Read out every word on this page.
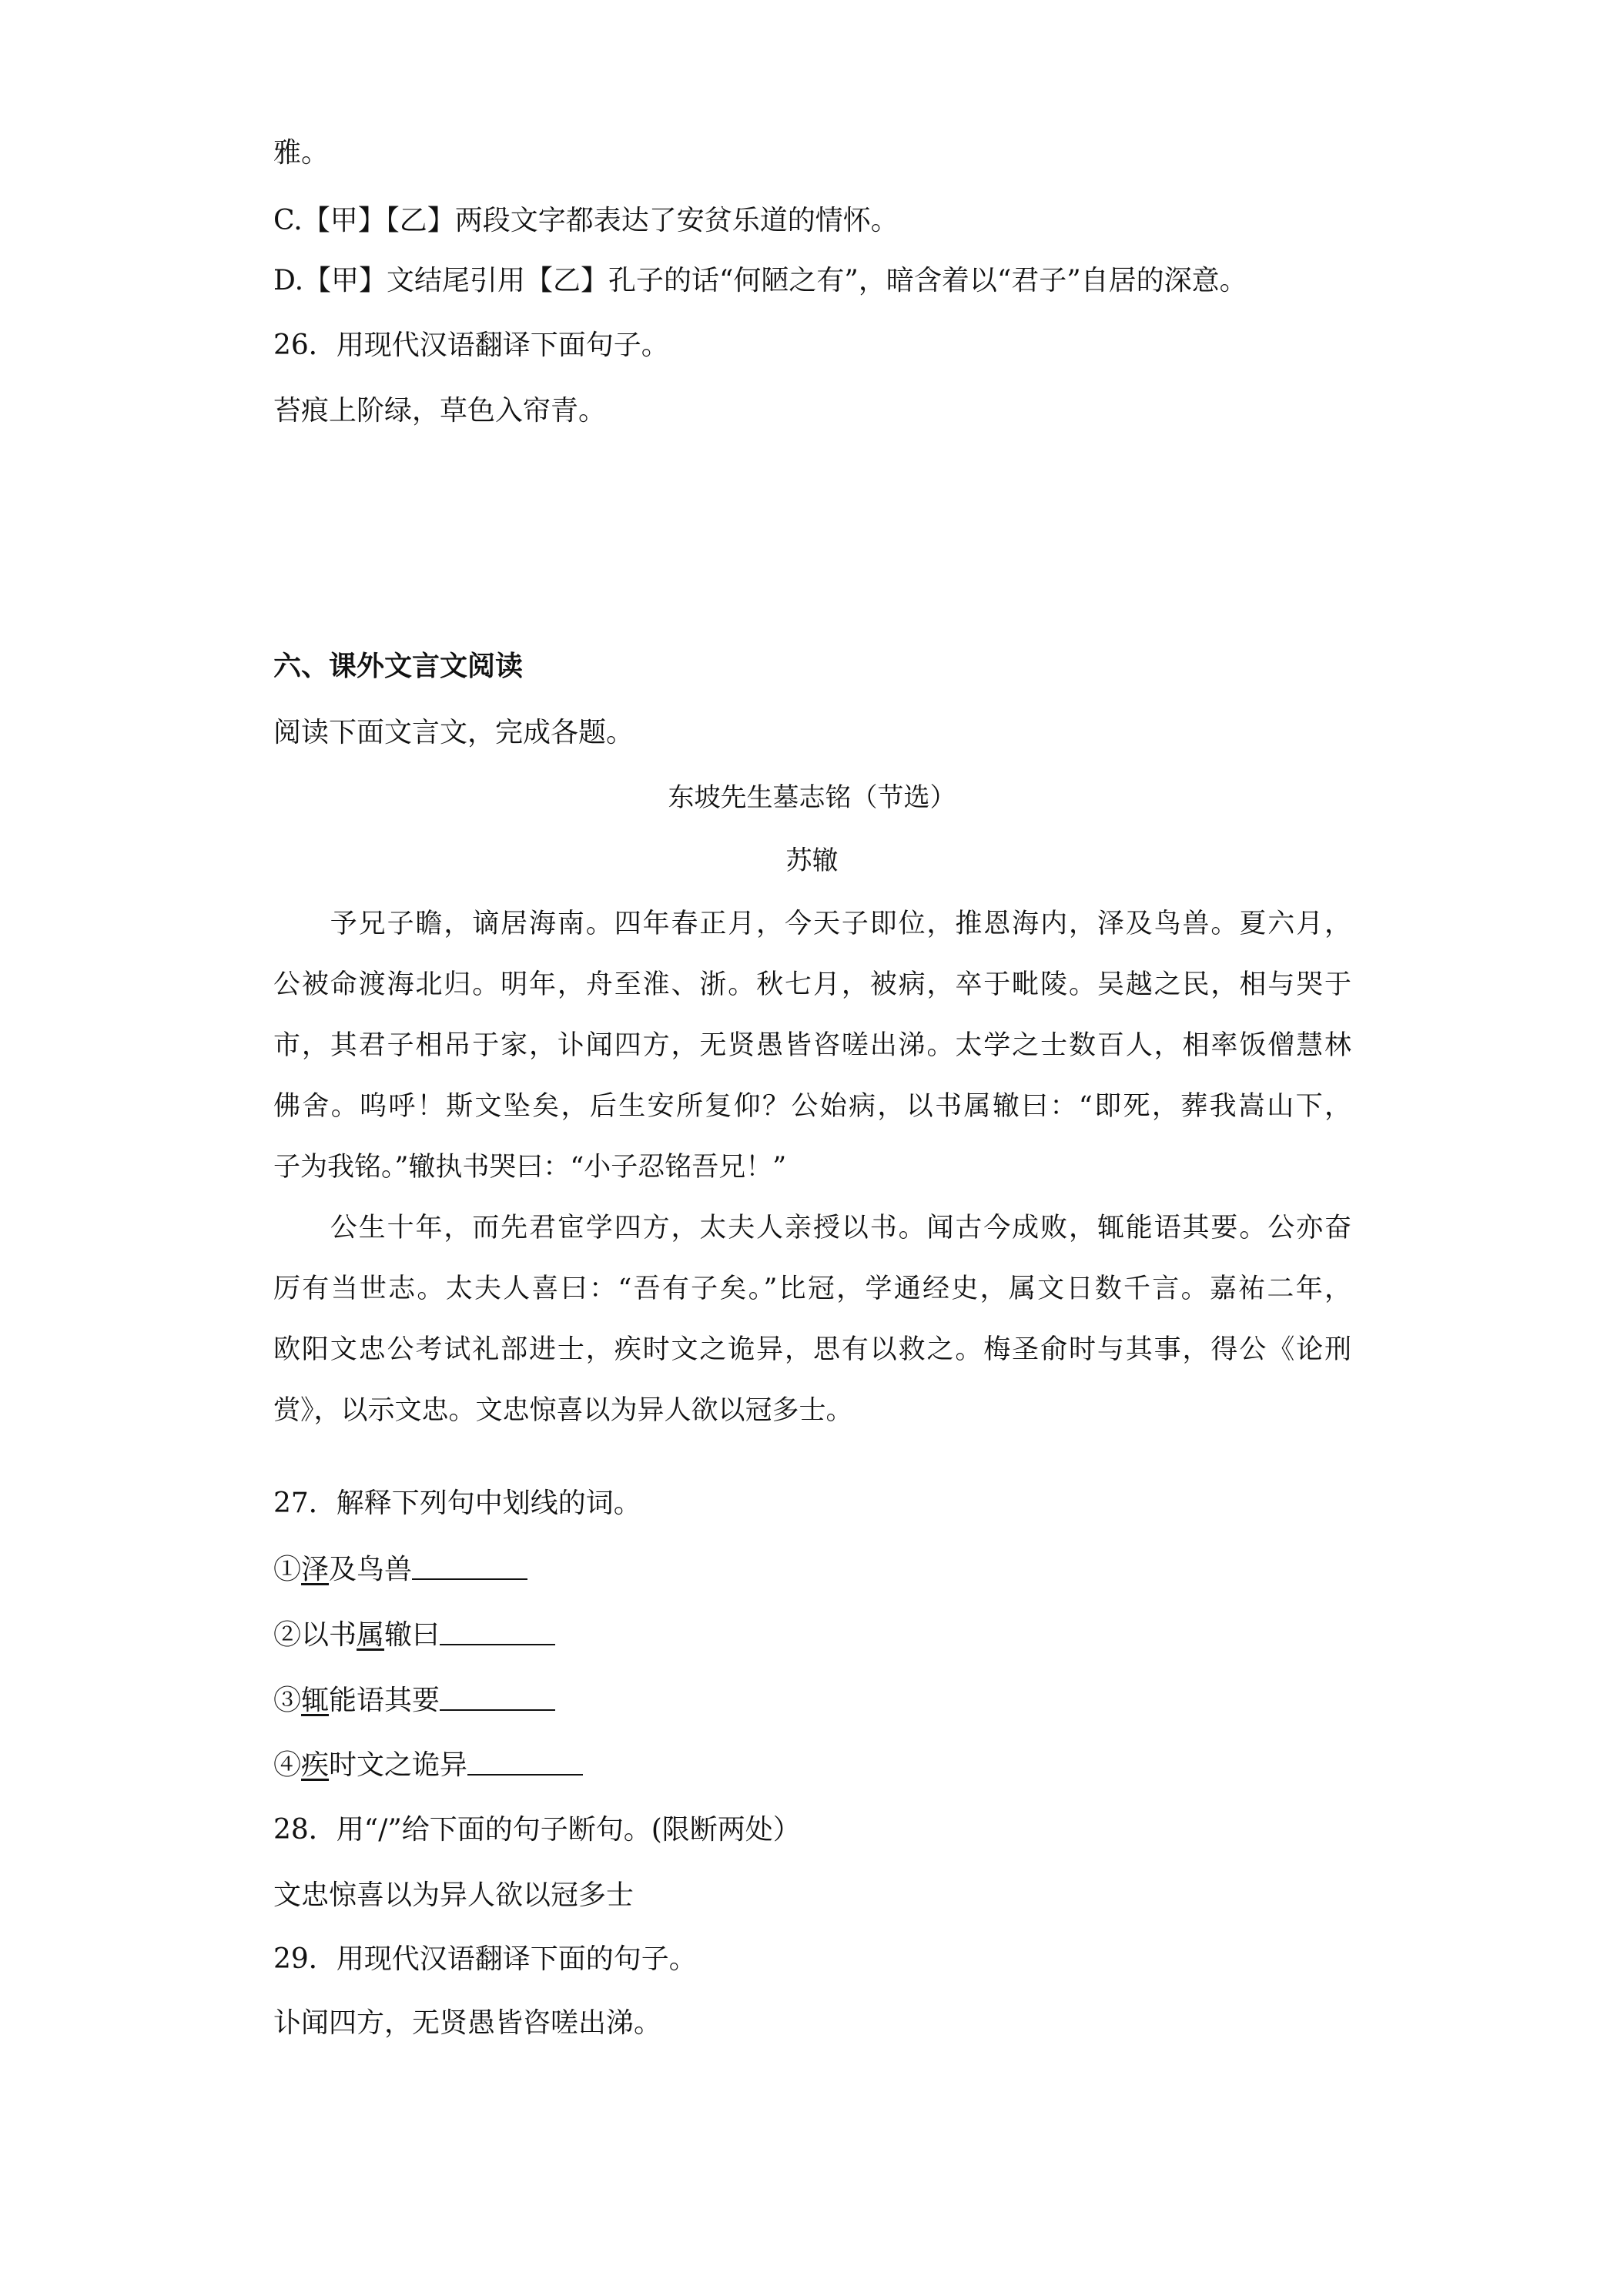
雅。
C.【甲】【乙】两段文字都表达了安贫乐道的情怀。
D.【甲】文结尾引用【乙】孔子的话“何陋之有”，暗含着以“君子”自居的深意。
26．用现代汉语翻译下面句子。
苔痕上阶绿，草色入帘青。
六、课外文言文阅读
阅读下面文言文，完成各题。
东坡先生墓志铭（节选）
苏辙
　　予兄子瞻，谪居海南。四年春正月，今天子即位，推恩海内，泽及鸟兽。夏六月，
公被命渡海北归。明年，舟至淮、浙。秋七月，被病，卒于毗陵。吴越之民，相与哭于
市，其君子相吊于家，讣闻四方，无贤愚皆咨嗟出涕。太学之士数百人，相率饭僧慧林
佛舍。呜呼！斯文坠矣，后生安所复仰？公始病，以书属辙曰：“即死，葬我嵩山下，
子为我铭。”辙执书哭曰：“小子忍铭吾兄！”
　　公生十年，而先君宦学四方，太夫人亲授以书。闻古今成败，辄能语其要。公亦奋
厉有当世志。太夫人喜曰：“吾有子矣。”比冠，学通经史，属文日数千言。嘉祐二年，
欧阳文忠公考试礼部进士，疾时文之诡异，思有以救之。梅圣俞时与其事，得公《论刑
赏》，以示文忠。文忠惊喜以为异人欲以冠多士。
27．解释下列句中划线的词。
①泽及鸟兽
②以书属辙曰
③辄能语其要
④疾时文之诡异
28．用“/”给下面的句子断句。(限断两处）
文忠惊喜以为异人欲以冠多士
29．用现代汉语翻译下面的句子。
讣闻四方，无贤愚皆咨嗟出涕。
